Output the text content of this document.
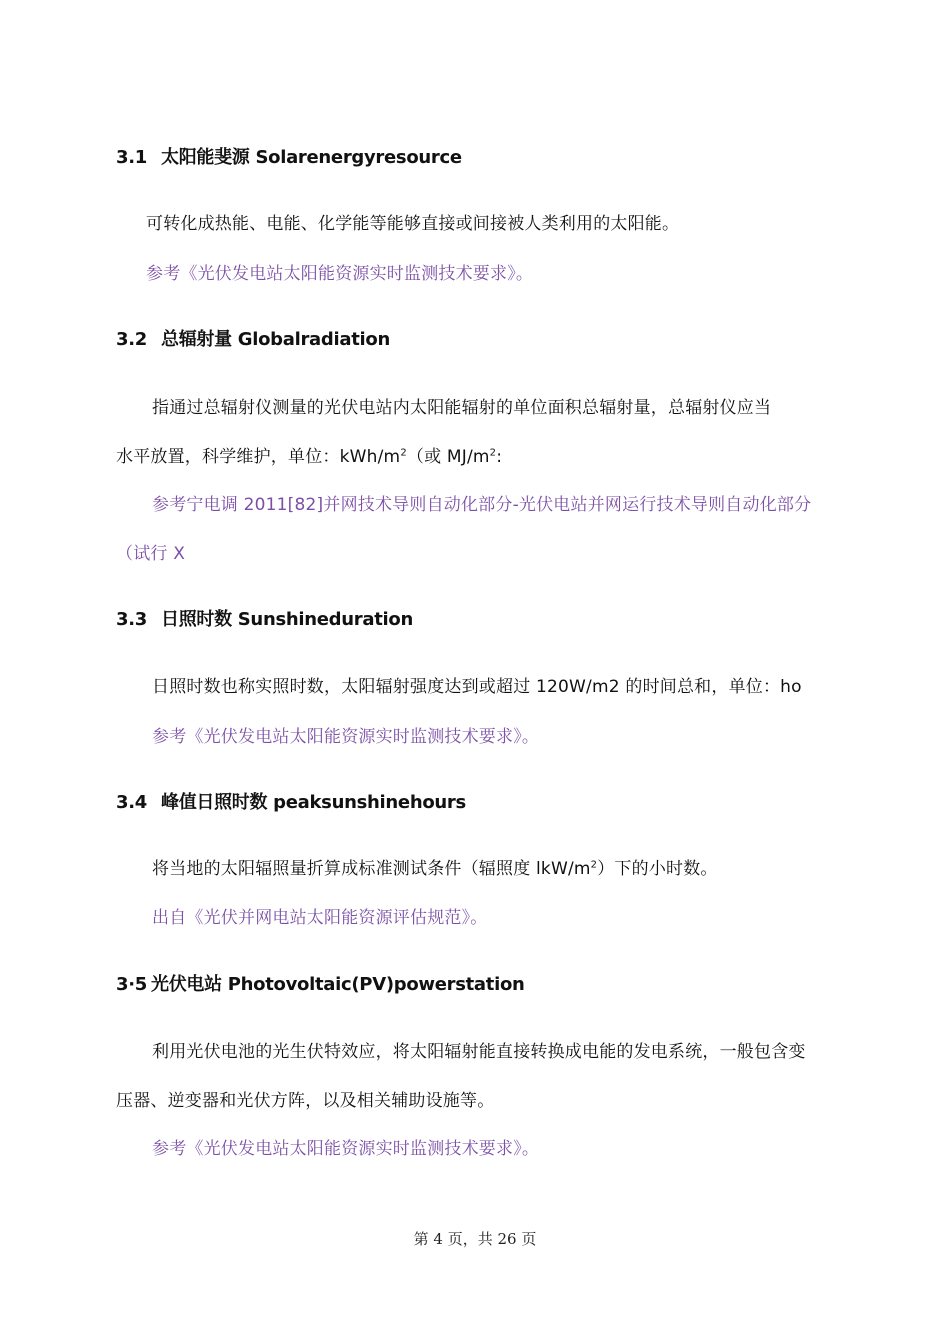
3.1 太阳能斐源 Solarenergyresource
可转化成热能、电能、化学能等能够直接或间接被人类利用的太阳能。
参考《光伏发电站太阳能资源实时监测技术要求》。
3.2 总辐射量 Globalradiation
指通过总辐射仪测量的光伏电站内太阳能辐射的单位面积总辐射量，总辐射仪应当
水平放置，科学维护，单位：$kWh∕m^2$（或 $MJ∕m^2$:
参考宁电调 2011[82]并网技术导则自动化部分-光伏电站并网运行技术导则自动化部分
（试行 X
3.3 日照时数 Sunshineduration
日照时数也称实照时数，太阳辐射强度达到或超过 120W/m2 的时间总和，单位：ho
参考《光伏发电站太阳能资源实时监测技术要求》。
3.4 峰值日照时数 peaksunshinehours
将当地的太阳辐照量折算成标准测试条件（辐照度 lkW/$m^2$）下的小时数。
出自《光伏并网电站太阳能资源评估规范》。
3·5 光伏电站 Photovoltaic(PV)powerstation
利用光伏电池的光生伏特效应，将太阳辐射能直接转换成电能的发电系统，一般包含变
压器、逆变器和光伏方阵，以及相关辅助设施等。
参考《光伏发电站太阳能资源实时监测技术要求》。
第 4 页，共 26 页
